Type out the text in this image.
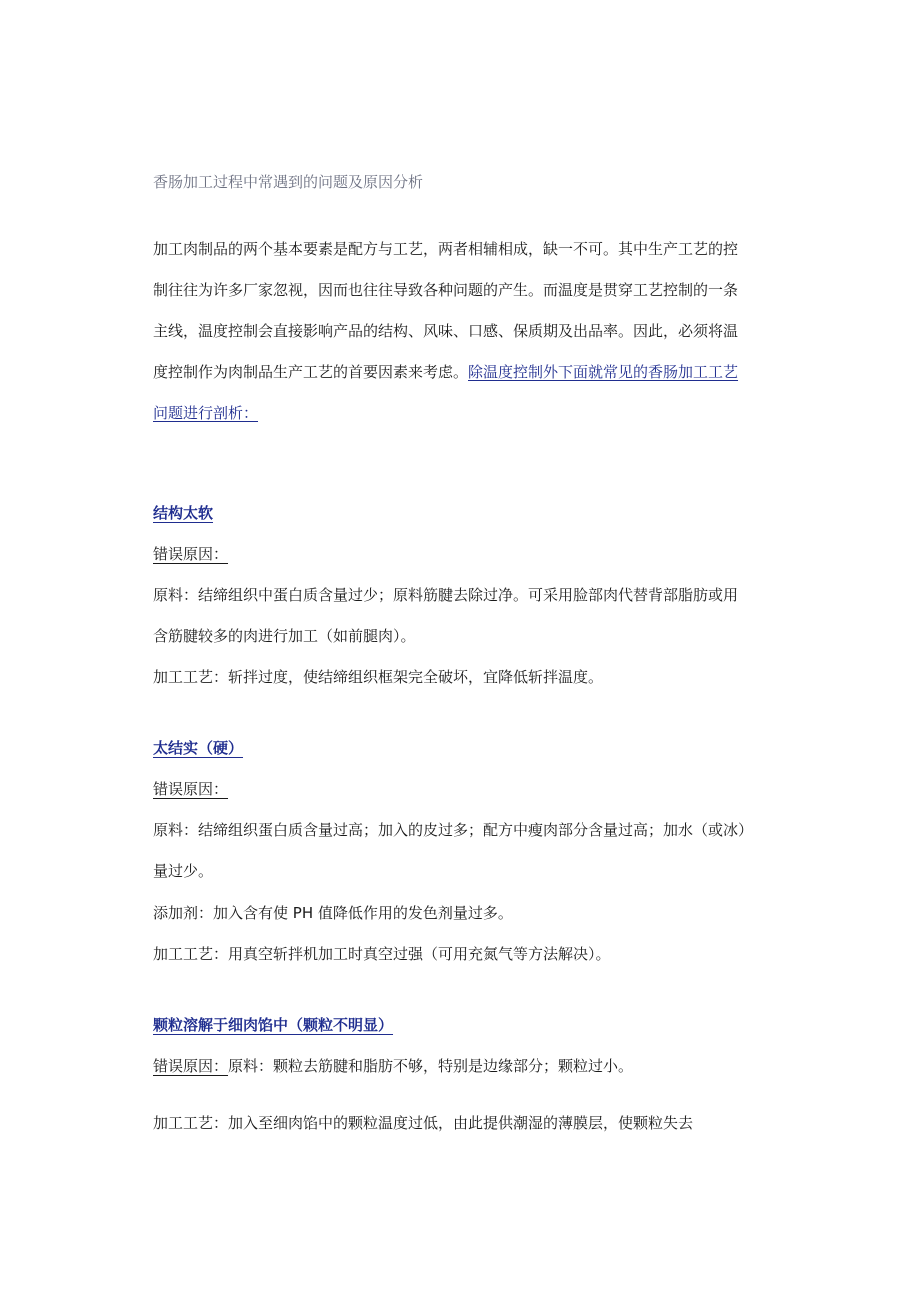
香肠加工过程中常遇到的问题及原因分析
加工肉制品的两个基本要素是配方与工艺，两者相辅相成，缺一不可。其中生产工艺的控
制往往为许多厂家忽视，因而也往往导致各种问题的产生。而温度是贯穿工艺控制的一条
主线，温度控制会直接影响产品的结构、风味、口感、保质期及出品率。因此，必须将温
度控制作为肉制品生产工艺的首要因素来考虑。除温度控制外下面就常见的香肠加工工艺
问题进行剖析：
结构太软
错误原因：
原料：结缔组织中蛋白质含量过少；原料筋腱去除过净。可采用脸部肉代替背部脂肪或用
含筋腱较多的肉进行加工（如前腿肉）。
加工工艺：斩拌过度，使结缔组织框架完全破坏，宜降低斩拌温度。
太结实（硬）
错误原因：
原料：结缔组织蛋白质含量过高；加入的皮过多；配方中瘦肉部分含量过高；加水（或冰）
量过少。
添加剂：加入含有使 PH 值降低作用的发色剂量过多。
加工工艺：用真空斩拌机加工时真空过强（可用充氮气等方法解决）。
颗粒溶解于细肉馅中（颗粒不明显）
错误原因：原料：颗粒去筋腱和脂肪不够，特别是边缘部分；颗粒过小。
加工工艺：加入至细肉馅中的颗粒温度过低，由此提供潮湿的薄膜层，使颗粒失去
